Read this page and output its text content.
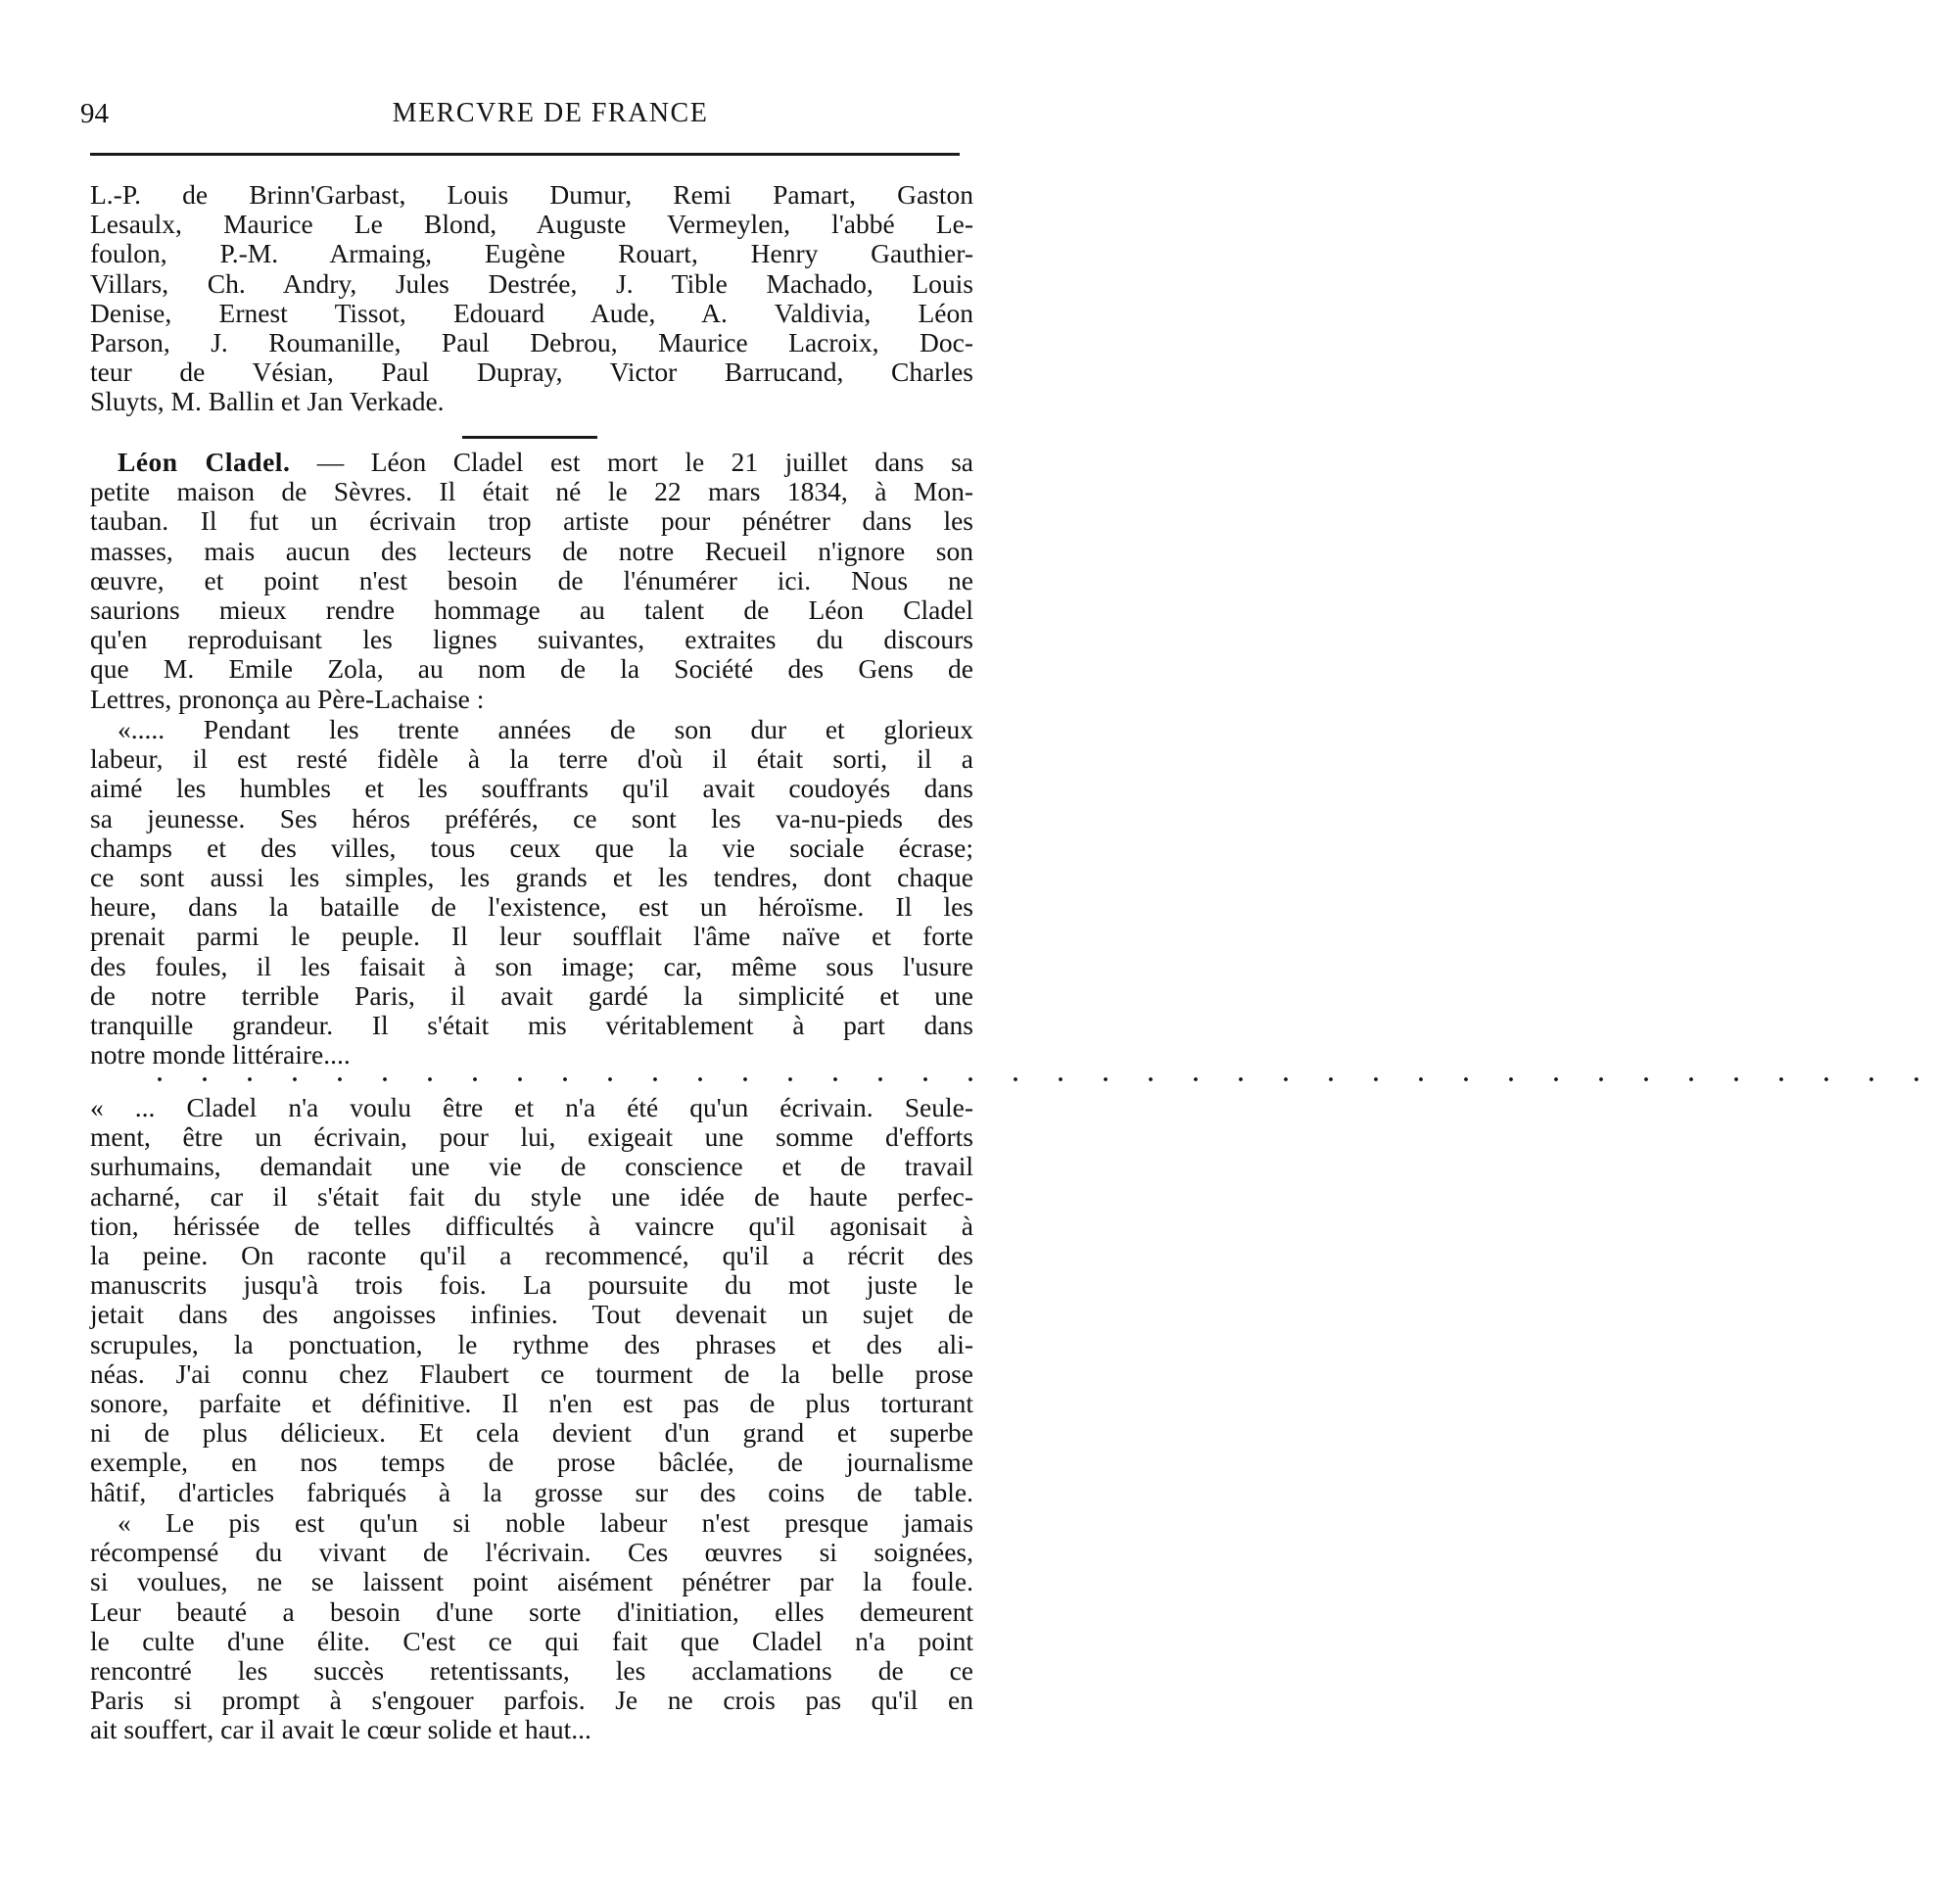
94	MERCVRE DE FRANCE
L.-P. de Brinn'Garbast, Louis Dumur, Remi Pamart, Gaston
Lesaulx, Maurice Le Blond, Auguste Vermeylen, l'abbé Le-
foulon, P.-M. Armaing, Eugène Rouart, Henry Gauthier-
Villars, Ch. Andry, Jules Destrée, J. Tible Machado, Louis
Denise, Ernest Tissot, Edouard Aude, A. Valdivia, Léon
Parson, J. Roumanille, Paul Debrou, Maurice Lacroix, Doc-
teur de Vésian, Paul Dupray, Victor Barrucand, Charles
Sluyts, M. Ballin et Jan Verkade.
Léon Cladel. — Léon Cladel est mort le 21 juillet dans sa
petite maison de Sèvres. Il était né le 22 mars 1834, à Mon-
tauban. Il fut un écrivain trop artiste pour pénétrer dans les
masses, mais aucun des lecteurs de notre Recueil n'ignore son
œuvre, et point n'est besoin de l'énumérer ici. Nous ne
saurions mieux rendre hommage au talent de Léon Cladel
qu'en reproduisant les lignes suivantes, extraites du discours
que M. Emile Zola, au nom de la Société des Gens de
Lettres, prononça au Père-Lachaise :
«..... Pendant les trente années de son dur et glorieux
labeur, il est resté fidèle à la terre d'où il était sorti, il a
aimé les humbles et les souffrants qu'il avait coudoyés dans
sa jeunesse. Ses héros préférés, ce sont les va-nu-pieds des
champs et des villes, tous ceux que la vie sociale écrase;
ce sont aussi les simples, les grands et les tendres, dont chaque
heure, dans la bataille de l'existence, est un héroïsme. Il les
prenait parmi le peuple. Il leur soufflait l'âme naïve et forte
des foules, il les faisait à son image; car, même sous l'usure
de notre terrible Paris, il avait gardé la simplicité et une
tranquille grandeur. Il s'était mis véritablement à part dans
notre monde littéraire....
. . . . . . . . . . . . . . . . . . . . . . . . . . . . . . . . . . . . . . . .
« ... Cladel n'a voulu être et n'a été qu'un écrivain. Seule-
ment, être un écrivain, pour lui, exigeait une somme d'efforts
surhumains, demandait une vie de conscience et de travail
acharné, car il s'était fait du style une idée de haute perfec-
tion, hérissée de telles difficultés à vaincre qu'il agonisait à
la peine. On raconte qu'il a recommencé, qu'il a récrit des
manuscrits jusqu'à trois fois. La poursuite du mot juste le
jetait dans des angoisses infinies. Tout devenait un sujet de
scrupules, la ponctuation, le rythme des phrases et des ali-
néas. J'ai connu chez Flaubert ce tourment de la belle prose
sonore, parfaite et définitive. Il n'en est pas de plus torturant
ni de plus délicieux. Et cela devient d'un grand et superbe
exemple, en nos temps de prose bâclée, de journalisme
hâtif, d'articles fabriqués à la grosse sur des coins de table.
« Le pis est qu'un si noble labeur n'est presque jamais
récompensé du vivant de l'écrivain. Ces œuvres si soignées,
si voulues, ne se laissent point aisément pénétrer par la foule.
Leur beauté a besoin d'une sorte d'initiation, elles demeurent
le culte d'une élite. C'est ce qui fait que Cladel n'a point
rencontré les succès retentissants, les acclamations de ce
Paris si prompt à s'engouer parfois. Je ne crois pas qu'il en
ait souffert, car il avait le cœur solide et haut...
